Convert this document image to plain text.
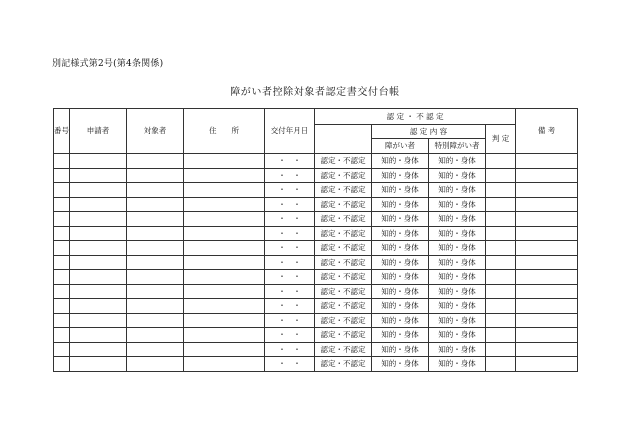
別記様式第2号(第4条関係)
障がい者控除対象者認定書交付台帳
番号	申請者	対象者	住　　所	交付年月日	認 定 ・ 不 認 定				備 考
						認 定 内 容		判 定	
						障がい者	特別障がい者		
				・　・	認定・不認定	知的・身体	知的・身体		
				・　・	認定・不認定	知的・身体	知的・身体		
				・　・	認定・不認定	知的・身体	知的・身体		
				・　・	認定・不認定	知的・身体	知的・身体		
				・　・	認定・不認定	知的・身体	知的・身体		
				・　・	認定・不認定	知的・身体	知的・身体		
				・　・	認定・不認定	知的・身体	知的・身体		
				・　・	認定・不認定	知的・身体	知的・身体		
				・　・	認定・不認定	知的・身体	知的・身体		
				・　・	認定・不認定	知的・身体	知的・身体		
				・　・	認定・不認定	知的・身体	知的・身体		
				・　・	認定・不認定	知的・身体	知的・身体		
				・　・	認定・不認定	知的・身体	知的・身体		
				・　・	認定・不認定	知的・身体	知的・身体		
				・　・	認定・不認定	知的・身体	知的・身体		
